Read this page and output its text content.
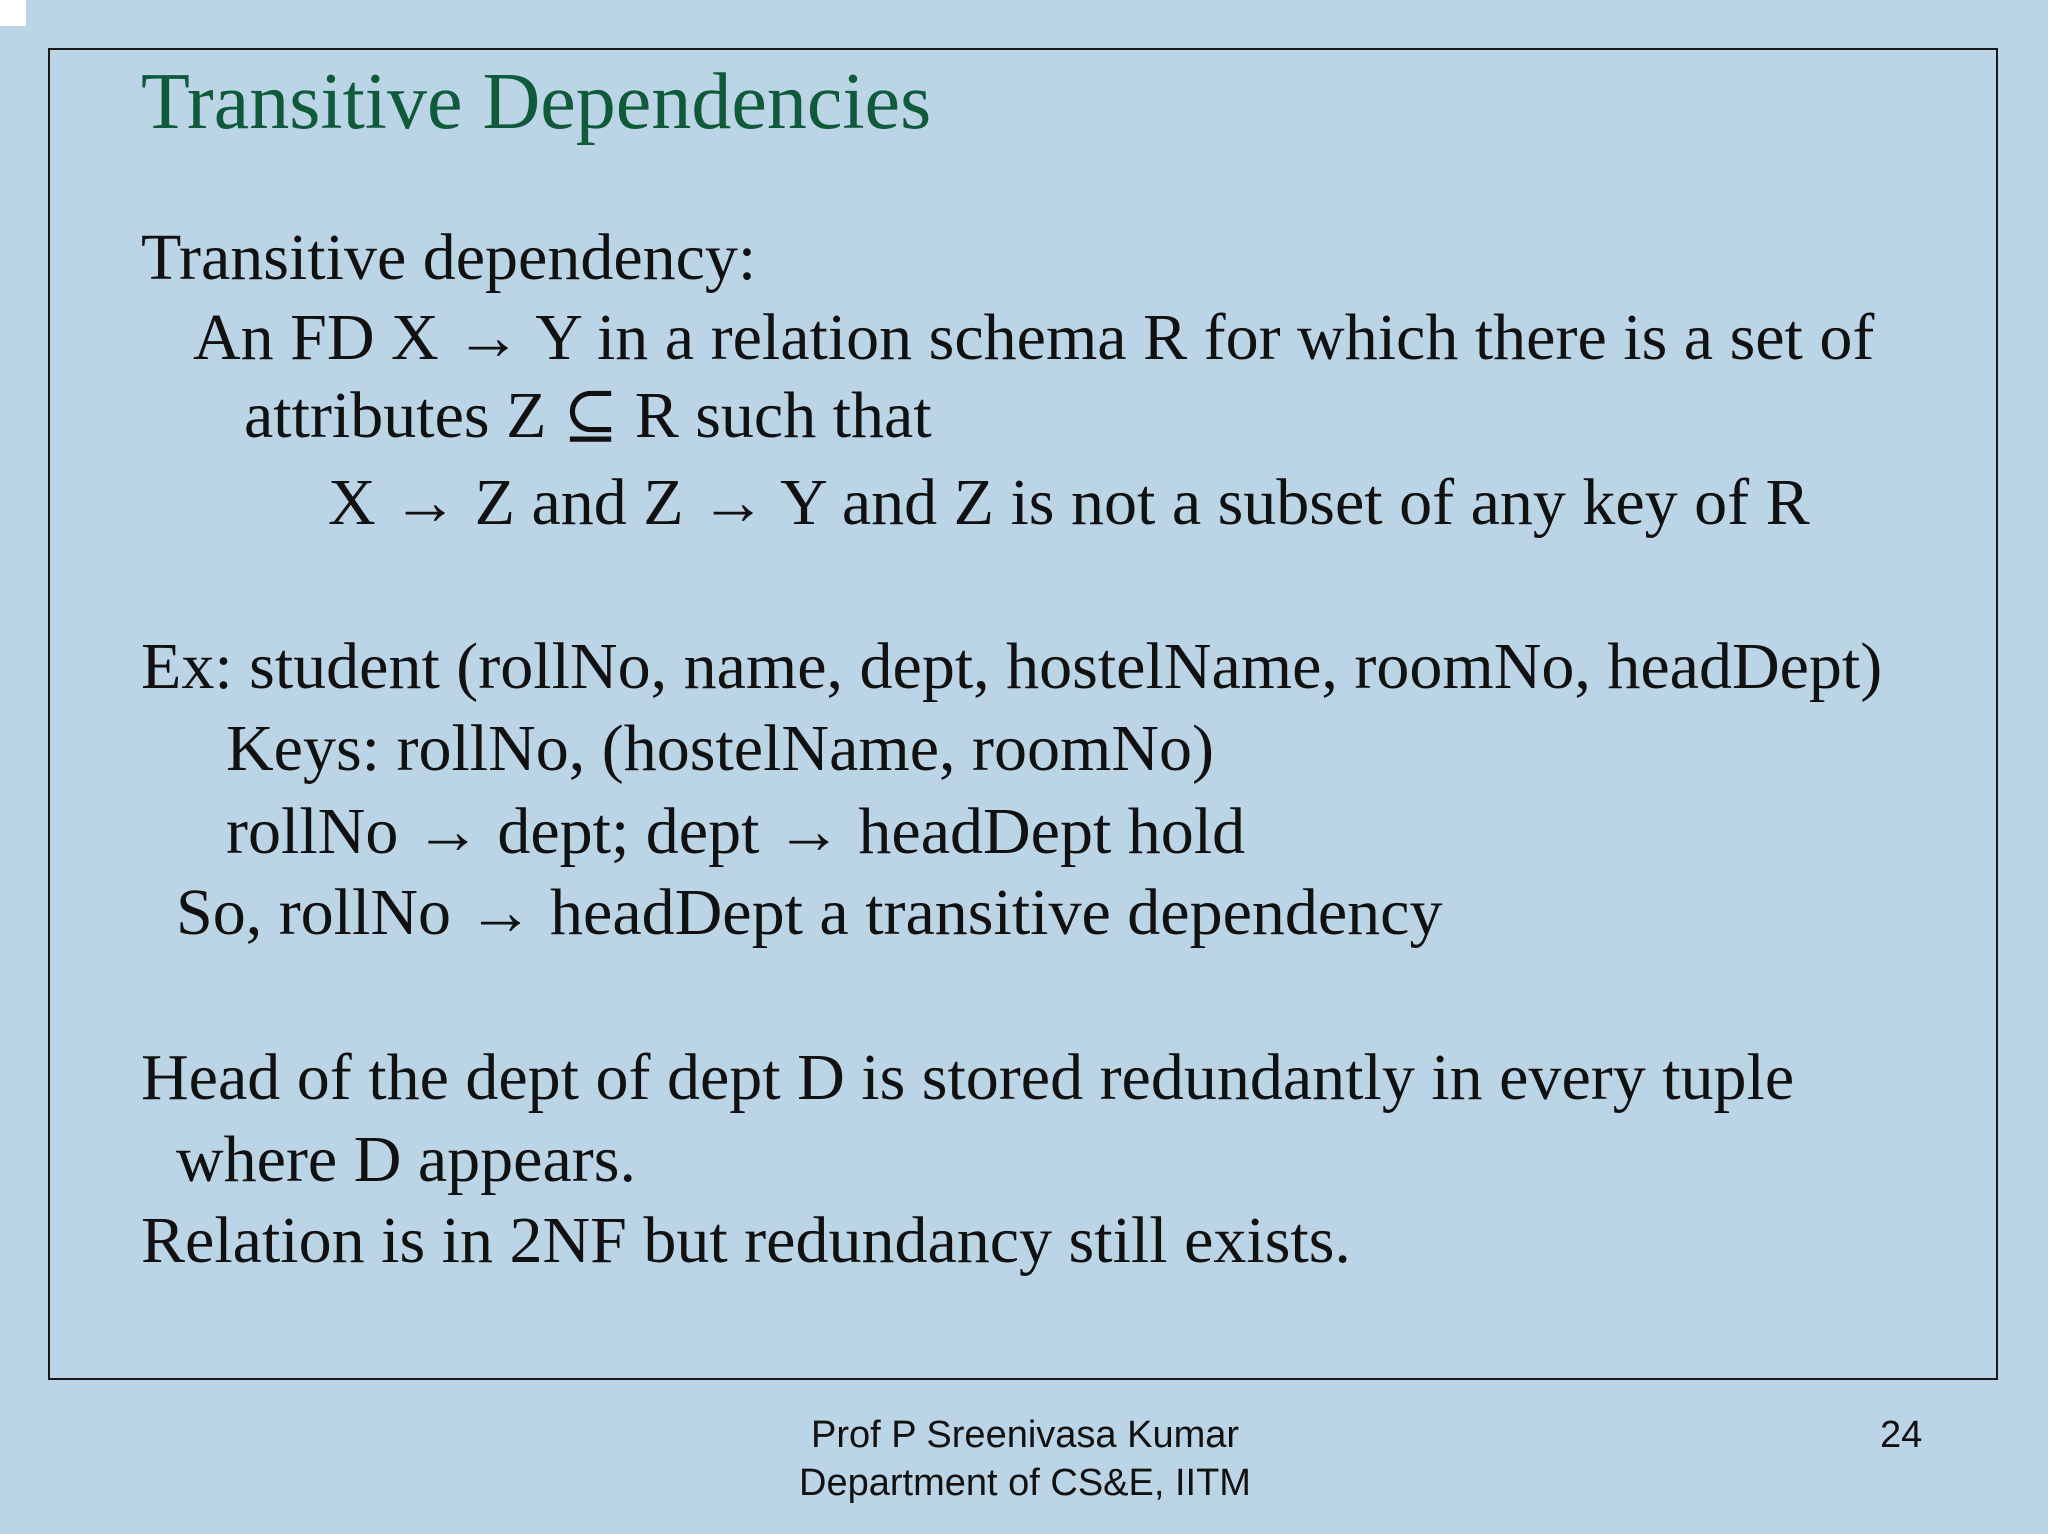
Transitive Dependencies
Transitive dependency:
An FD X → Y in a relation schema R for which there is a set of
attributes Z ⊆ R such that
X → Z and Z → Y and Z is not a subset of any key of R
Ex: student (rollNo, name, dept, hostelName, roomNo, headDept)
Keys: rollNo, (hostelName, roomNo)
rollNo → dept; dept → headDept hold
So, rollNo → headDept a transitive dependency
Head of the dept of dept D is stored redundantly in every tuple
where D appears.
Relation is in 2NF but redundancy still exists.
Prof P Sreenivasa Kumar
Department of CS&E, IITM
24
